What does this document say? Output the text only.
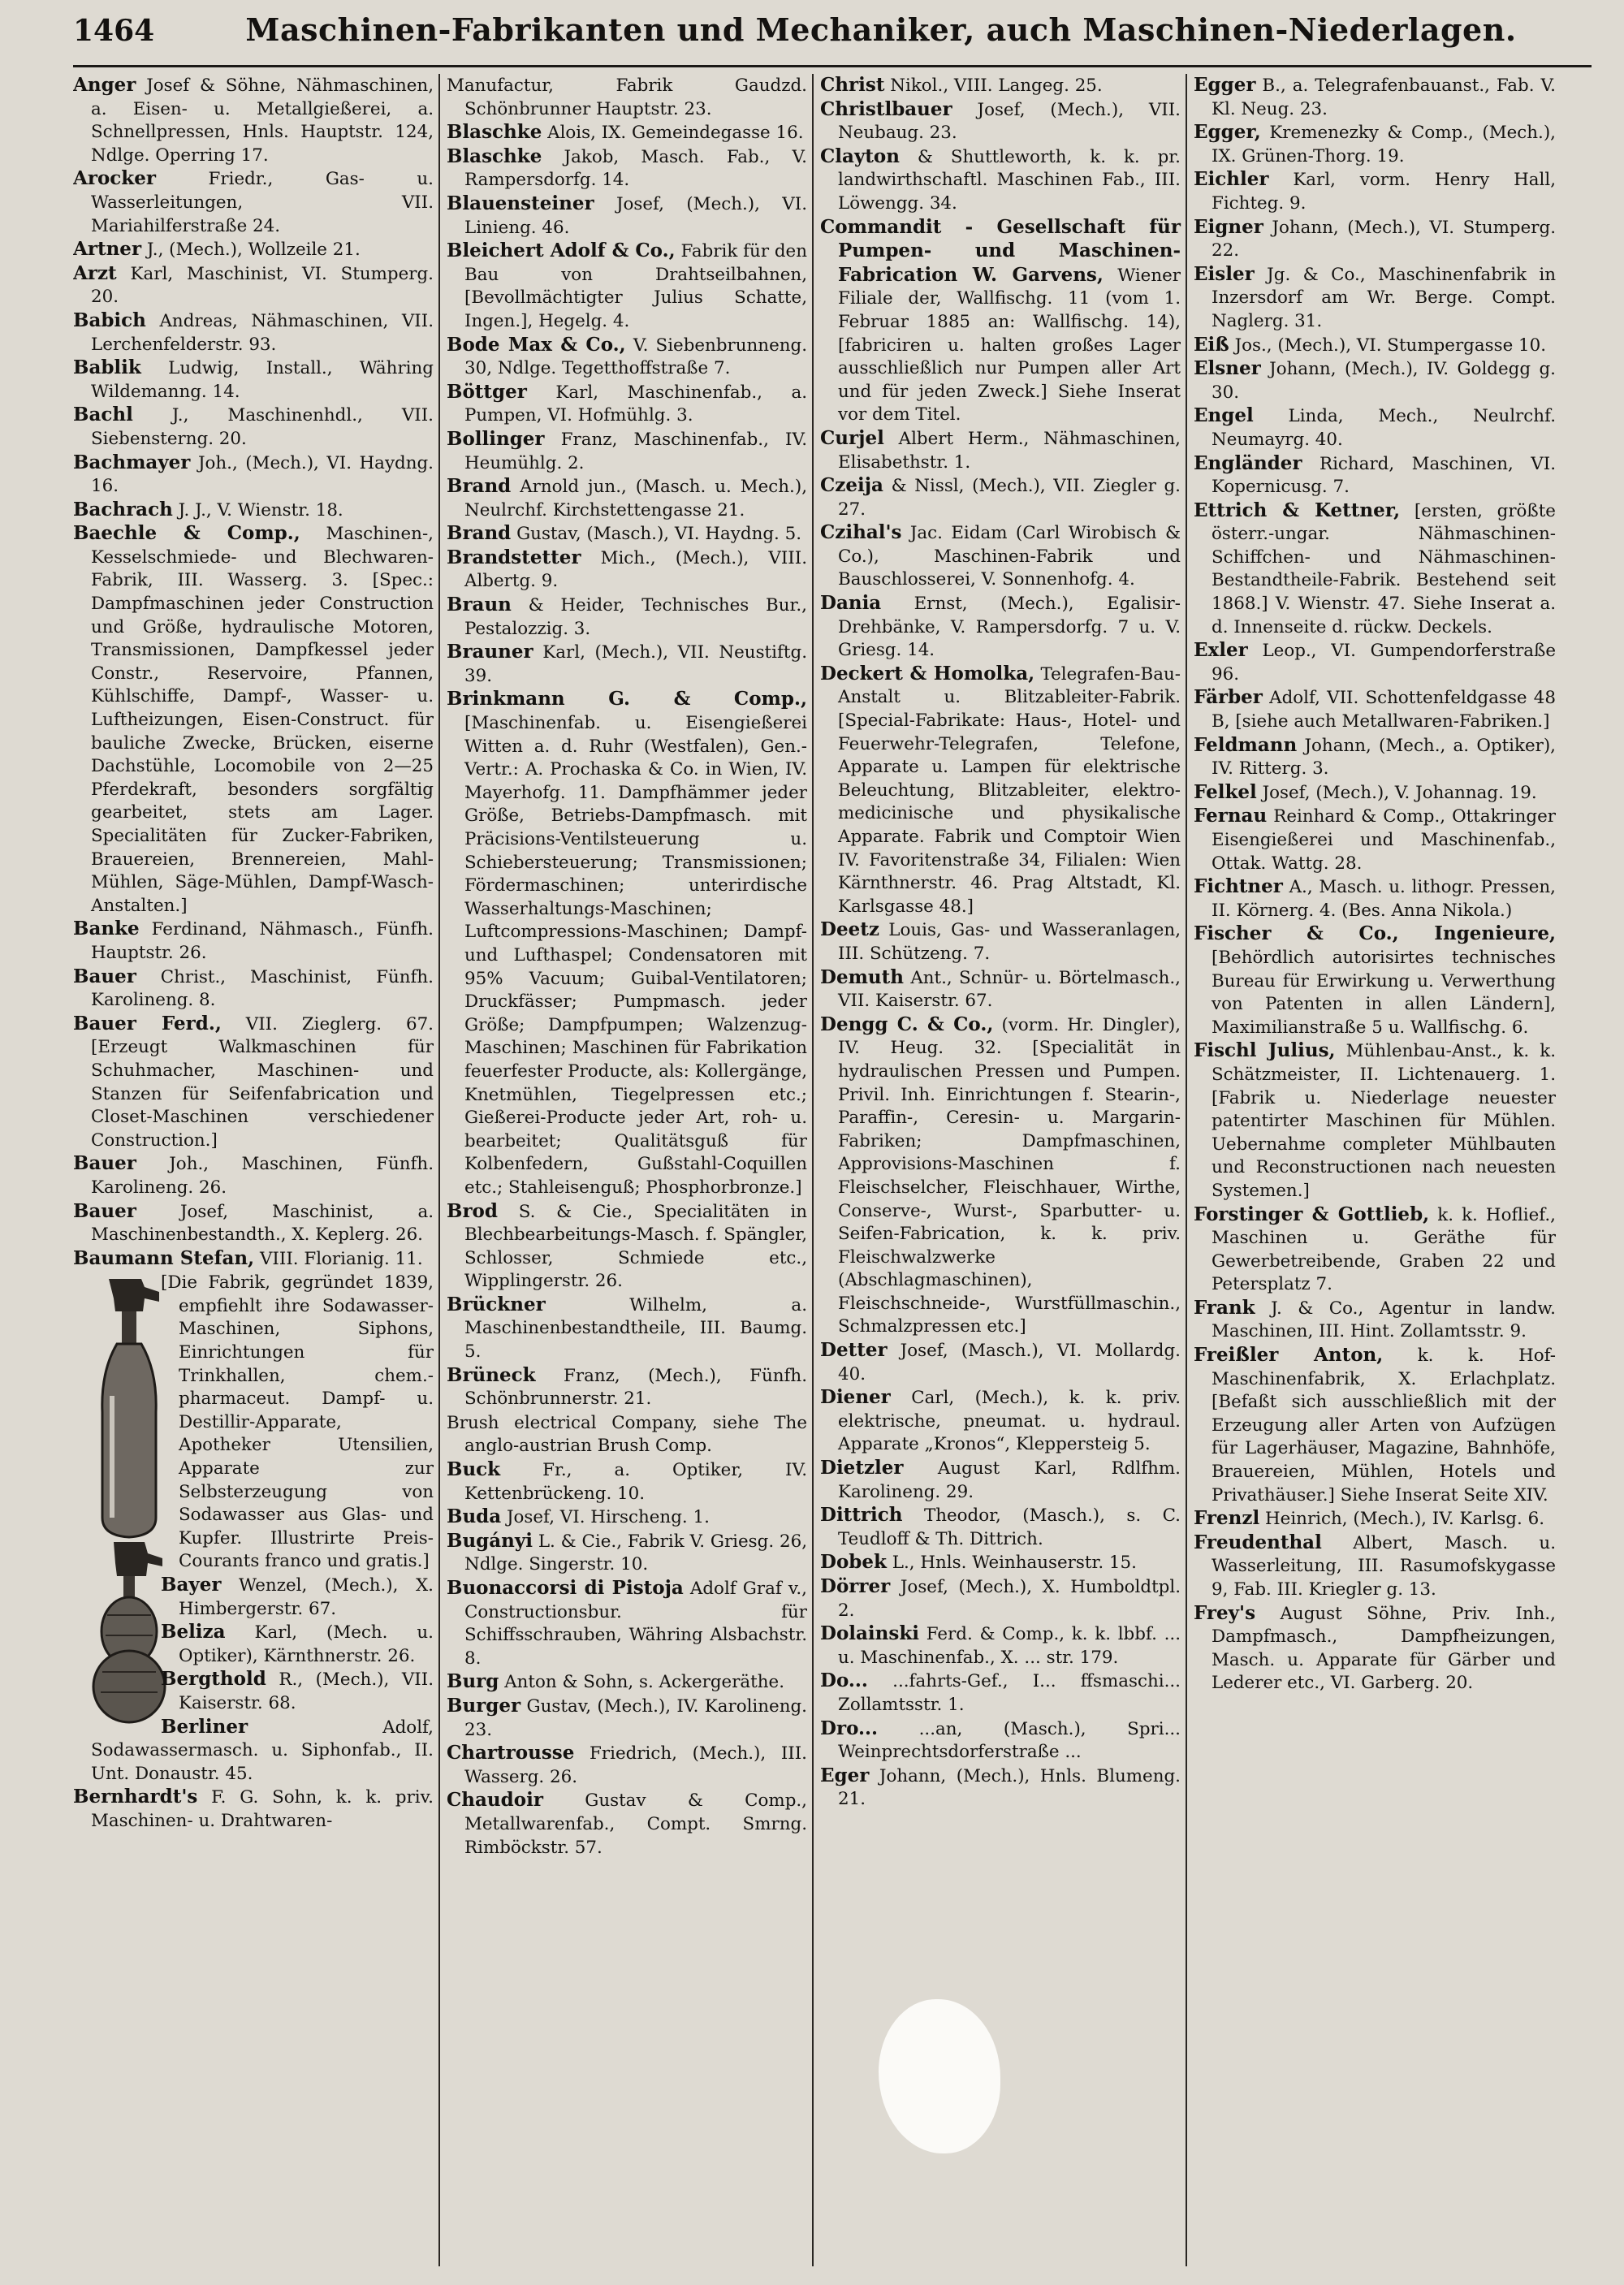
1464	Maschinen-Fabrikanten und Mechaniker, auch Maschinen-Niederlagen.

Anger Josef & Söhne, Nähmaschinen, a. Eisen- u. Metallgießerei, a. Schnellpressen, Hnls. Hauptstr. 124, Ndlge. Operring 17.

Arocker	Friedr., Gas- u. Wasserleitungen, VII. Mariahilferstraße 24.

Artner J., (Mech.), Wollzeile 21.

Arzt Karl, Maschinist, VI. Stumperg. 20.

Babich Andreas, Nähmaschinen, VII. Lerchenfelderstr. 93.

Bablik Ludwig, Install., Währing Wildemanng. 14.

Bachl J., Maschinenhdl., VII. Siebensterng. 20.

Bachmayer Joh., (Mech.), VI. Haydng. 16.

Bachrach J. J., V. Wienstr. 18.

Baechle & Comp., Maschinen-, Kesselschmiede- und Blechwaren-Fabrik, III. Wasserg. 3. [Spec.: Dampfmaschinen jeder Construction und Größe, hydraulische Motoren, Transmissionen, Dampfkessel jeder Constr., Reservoire, Pfannen, Kühlschiffe, Dampf-, Wasser- u. Luftheizungen, Eisen-Construct. für bauliche Zwecke, Brücken, eiserne Dachstühle, Locomobile von 2—25 Pferdekraft, besonders sorgfältig gearbeitet, stets am Lager. Specialitäten für Zucker-Fabriken, Brauereien, Brennereien, Mahl-Mühlen, Säge-Mühlen, Dampf-Wasch-Anstalten.]

Banke Ferdinand, Nähmasch., Fünfh. Hauptstr. 26.

Bauer Christ., Maschinist, Fünfh. Karolineng. 8.

Bauer Ferd., VII. Zieglerg. 67. [Erzeugt Walkmaschinen für Schuhmacher, Maschinen- und Stanzen für Seifenfabrication und Closet-Maschinen verschiedener Construction.]

Bauer Joh., Maschinen, Fünfh. Karolineng. 26.

Bauer	Josef, Maschinist, a. Maschinenbestandth., X. Keplerg. 26.

Baumann Stefan, VIII. Florianig. 11.

[Die Fabrik, gegründet 1839, empfiehlt ihre Sodawasser-Maschinen, Siphons, Einrichtungen für Trinkhallen, chem.-pharmaceut. Dampf- u. Destillir-Apparate, Apotheker Utensilien, Apparate zur Selbsterzeugung von Sodawasser aus Glas- und Kupfer. Illustrirte Preis-Courants franco und gratis.]

Bayer Wenzel, (Mech.), X. Himbergerstr. 67.

Beliza Karl, (Mech. u. Optiker), Kärnthnerstr. 26.

Bergthold R., (Mech.), VII. Kaiserstr. 68.

Berliner	Adolf, Sodawassermasch. u. Siphonfab., II. Unt. Donaustr. 45.

Bernhardt's F. G. Sohn, k. k. priv. Maschinen- u. Drahtwaren-

Manufactur, Fabrik Gaudzd. Schönbrunner Hauptstr. 23.

Blaschke Alois, IX. Gemeindegasse 16.

Blaschke Jakob, Masch. Fab., V. Rampersdorfg. 14.

Blauensteiner Josef, (Mech.), VI. Linieng. 46.

Bleichert Adolf & Co., Fabrik für den Bau von Drahtseilbahnen, [Bevollmächtigter Julius Schatte, Ingen.], Hegelg. 4.

Bode Max & Co., V. Siebenbrunneng. 30, Ndlge. Tegetthoffstraße 7.

Böttger Karl, Maschinenfab., a. Pumpen, VI. Hofmühlg. 3.

Bollinger Franz, Maschinenfab., IV. Heumühlg. 2.

Brand Arnold jun., (Masch. u. Mech.), Neulrchf. Kirchstettengasse 21.

Brand Gustav, (Masch.), VI. Haydng. 5.

Brandstetter Mich., (Mech.), VIII. Albertg. 9.

Braun & Heider, Technisches Bur., Pestalozzig. 3.

Brauner Karl, (Mech.), VII. Neustiftg. 39.

Brinkmann G. & Comp., [Maschinenfab. u. Eisengießerei Witten a. d. Ruhr (Westfalen), Gen.-Vertr.: A. Prochaska & Co. in Wien, IV. Mayerhofg. 11. Dampfhämmer jeder Größe, Betriebs-Dampfmasch. mit Präcisions-Ventilsteuerung u. Schiebersteuerung; Transmissionen; Fördermaschinen; unterirdische Wasserhaltungs-Maschinen; Luftcompressions-Maschinen; Dampf- und Lufthaspel; Condensatoren mit 95% Vacuum; Guibal-Ventilatoren; Druckfässer; Pumpmasch. jeder Größe; Dampfpumpen; Walzenzug-Maschinen; Maschinen für Fabrikation feuerfester Producte, als: Kollergänge, Knetmühlen, Tiegelpressen etc.; Gießerei-Producte jeder Art, roh- u. bearbeitet; Qualitätsguß für Kolbenfedern, Gußstahl-Coquillen etc.; Stahleisenguß; Phosphorbronze.]

Brod S. & Cie., Specialitäten in Blechbearbeitungs-Masch. f. Spängler, Schlosser, Schmiede etc., Wipplingerstr. 26.

Brückner	Wilhelm, a. Maschinenbestandtheile, III. Baumg. 5.

Brüneck Franz, (Mech.), Fünfh. Schönbrunnerstr. 21.

Brush electrical Company, siehe The anglo-austrian Brush Comp.

Buck Fr., a. Optiker, IV. Kettenbrückeng. 10.

Buda Josef, VI. Hirscheng. 1.

Bugányi L. & Cie., Fabrik V. Griesg. 26, Ndlge. Singerstr. 10.

Buonaccorsi di Pistoja Adolf Graf v., Constructionsbur. für Schiffsschrauben, Währing Alsbachstr. 8.

Burg Anton & Sohn, s. Ackergeräthe.

Burger Gustav, (Mech.), IV. Karolineng. 23.

Chartrousse Friedrich, (Mech.), III. Wasserg. 26.

Chaudoir Gustav & Comp., Metallwarenfab., Compt. Smrng. Rimböckstr. 57.

Christ Nikol., VIII. Langeg. 25.

Christlbauer Josef, (Mech.), VII. Neubaug. 23.

Clayton & Shuttleworth, k. k. pr. landwirthschaftl. Maschinen Fab., III. Löwengg. 34.

Commandit - Gesellschaft für Pumpen- und Maschinen-Fabrication W. Garvens, Wiener Filiale der, Wallfischg. 11 (vom 1. Februar 1885 an: Wallfischg. 14), [fabriciren u. halten großes Lager ausschließlich nur Pumpen aller Art und für jeden Zweck.] Siehe Inserat vor dem Titel.

Curjel Albert Herm., Nähmaschinen, Elisabethstr. 1.

Czeija & Nissl, (Mech.), VII. Ziegler g. 27.

Czihal's Jac. Eidam (Carl Wirobisch & Co.), Maschinen-Fabrik und Bauschlosserei, V. Sonnenhofg. 4.

Dania Ernst, (Mech.), Egalisir-Drehbänke, V. Rampersdorfg. 7 u. V. Griesg. 14.

Deckert & Homolka, Telegrafen-Bau-Anstalt u. Blitzableiter-Fabrik. [Special-Fabrikate: Haus-, Hotel- und Feuerwehr-Telegrafen, Telefone, Apparate u. Lampen für elektrische Beleuchtung, Blitzableiter, elektro-medicinische und physikalische Apparate. Fabrik und Comptoir Wien IV. Favoritenstraße 34, Filialen: Wien Kärnthnerstr. 46. Prag Altstadt, Kl. Karlsgasse 48.]

Deetz Louis, Gas- und Wasseranlagen, III. Schützeng. 7.

Demuth Ant., Schnür- u. Börtelmasch., VII. Kaiserstr. 67.

Dengg C. & Co., (vorm. Hr. Dingler), IV. Heug. 32. [Specialität in hydraulischen Pressen und Pumpen. Privil. Inh. Einrichtungen f. Stearin-, Paraffin-, Ceresin- u. Margarin-Fabriken; Dampfmaschinen, Approvisions-Maschinen f. Fleischselcher, Fleischhauer, Wirthe, Conserve-, Wurst-, Sparbutter- u. Seifen-Fabrication, k. k. priv. Fleischwalzwerke (Abschlagmaschinen), Fleischschneide-, Wurstfüllmaschin., Schmalzpressen etc.]

Detter Josef, (Masch.), VI. Mollardg. 40.

Diener Carl, (Mech.), k. k. priv. elektrische, pneumat. u. hydraul. Apparate „Kronos“, Kleppersteig 5.

Dietzler August Karl, Rdlfhm. Karolineng. 29.

Dittrich Theodor, (Masch.), s. C. Teudloff & Th. Dittrich.

Dobek L., Hnls. Weinhauserstr. 15.

Dörrer Josef, (Mech.), X. Humboldtpl. 2.

Dolainski Ferd. & Comp., k. k. lbbf. ... u. Maschinenfab., X. ... str. 179.

Do... ...fahrts-Gef., I... ffsmaschi... Zollamtsstr. 1.

Dro... ...an, (Masch.), Spri... Weinprechtsdorferstraße ...

Eger Johann, (Mech.), Hnls. Blumeng. 21.

Egger B., a. Telegrafenbauanst., Fab. V. Kl. Neug. 23.

Egger, Kremenezky & Comp., (Mech.), IX. Grünen-Thorg. 19.

Eichler Karl, vorm. Henry Hall, Fichteg. 9.

Eigner Johann, (Mech.), VI. Stumperg. 22.

Eisler Jg. & Co., Maschinenfabrik in Inzersdorf am Wr. Berge. Compt. Naglerg. 31.

Eiß Jos., (Mech.), VI. Stumpergasse 10.

Elsner Johann, (Mech.), IV. Goldegg g. 30.

Engel Linda, Mech., Neulrchf. Neumayrg. 40.

Engländer Richard, Maschinen, VI. Kopernicusg. 7.

Ettrich & Kettner, [ersten, größte österr.-ungar. Nähmaschinen-Schiffchen- und Nähmaschinen-Bestandtheile-Fabrik. Bestehend seit 1868.] V. Wienstr. 47. Siehe Inserat a. d. Innenseite d. rückw. Deckels.

Exler Leop., VI. Gumpendorferstraße 96.

Färber Adolf, VII. Schottenfeldgasse 48 B, [siehe auch Metallwaren-Fabriken.]

Feldmann Johann, (Mech., a. Optiker), IV. Ritterg. 3.

Felkel Josef, (Mech.), V. Johannag. 19.

Fernau Reinhard & Comp., Ottakringer Eisengießerei und Maschinenfab., Ottak. Wattg. 28.

Fichtner A., Masch. u. lithogr. Pressen, II. Körnerg. 4. (Bes. Anna Nikola.)

Fischer & Co., Ingenieure, [Behördlich autorisirtes technisches Bureau für Erwirkung u. Verwerthung von Patenten in allen Ländern], Maximilianstraße 5 u. Wallfischg. 6.

Fischl Julius, Mühlenbau-Anst., k. k. Schätzmeister, II. Lichtenauerg. 1. [Fabrik u. Niederlage neuester patentirter Maschinen für Mühlen. Uebernahme completer Mühlbauten und Reconstructionen nach neuesten Systemen.]

Forstinger & Gottlieb, k. k. Hoflief., Maschinen u. Geräthe für Gewerbetreibende, Graben 22 und Petersplatz 7.

Frank J. & Co., Agentur in landw. Maschinen, III. Hint. Zollamtsstr. 9.

Freißler Anton, k. k. Hof-Maschinenfabrik, X. Erlachplatz. [Befaßt sich ausschließlich mit der Erzeugung aller Arten von Aufzügen für Lagerhäuser, Magazine, Bahnhöfe, Brauereien, Mühlen, Hotels und Privathäuser.] Siehe Inserat Seite XIV.

Frenzl Heinrich, (Mech.), IV. Karlsg. 6.

Freudenthal Albert, Masch. u. Wasserleitung, III. Rasumofskygasse 9, Fab. III. Kriegler g. 13.

Frey's August Söhne, Priv. Inh., Dampfmasch., Dampfheizungen, Masch. u. Apparate für Gärber und Lederer etc., VI. Garberg. 20.
